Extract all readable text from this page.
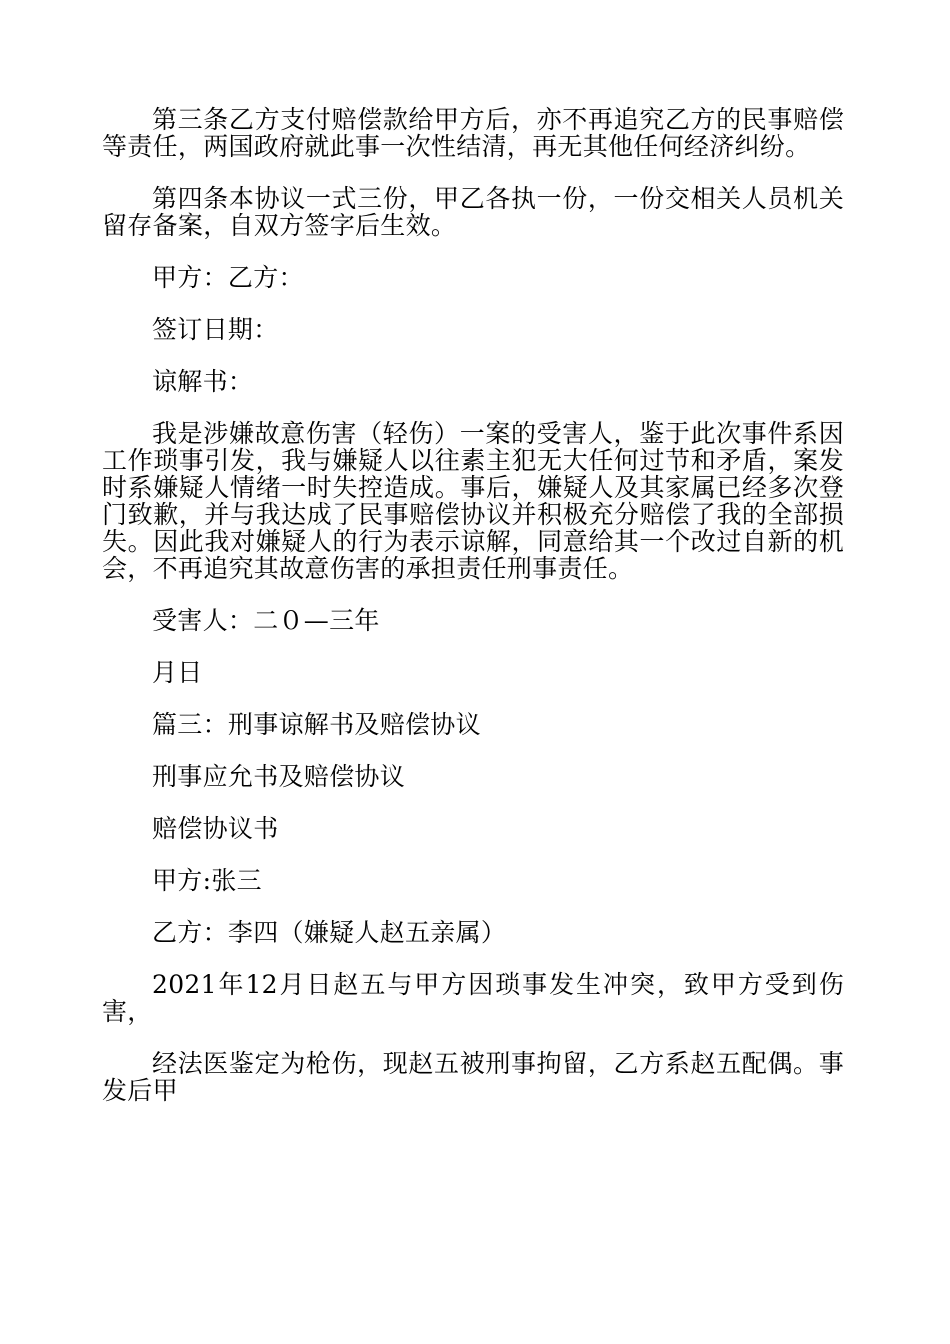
第三条乙方支付赔偿款给甲方后，亦不再追究乙方的民事赔偿等责任，两国政府就此事一次性结清，再无其他任何经济纠纷。

第四条本协议一式三份，甲乙各执一份，一份交相关人员机关留存备案，自双方签字后生效。

甲方：乙方：

签订日期：

谅解书：

我是涉嫌故意伤害（轻伤）一案的受害人，鉴于此次事件系因工作琐事引发，我与嫌疑人以往素主犯无大任何过节和矛盾，案发时系嫌疑人情绪一时失控造成。事后，嫌疑人及其家属已经多次登门致歉，并与我达成了民事赔偿协议并积极充分赔偿了我的全部损失。因此我对嫌疑人的行为表示谅解，同意给其一个改过自新的机会，不再追究其故意伤害的承担责任刑事责任。

受害人：二０—三年

月日

篇三：刑事谅解书及赔偿协议

刑事应允书及赔偿协议

赔偿协议书

甲方:张三

乙方：李四（嫌疑人赵五亲属）

2021年12月日赵五与甲方因琐事发生冲突，致甲方受到伤害，

经法医鉴定为枪伤，现赵五被刑事拘留，乙方系赵五配偶。事发后甲
